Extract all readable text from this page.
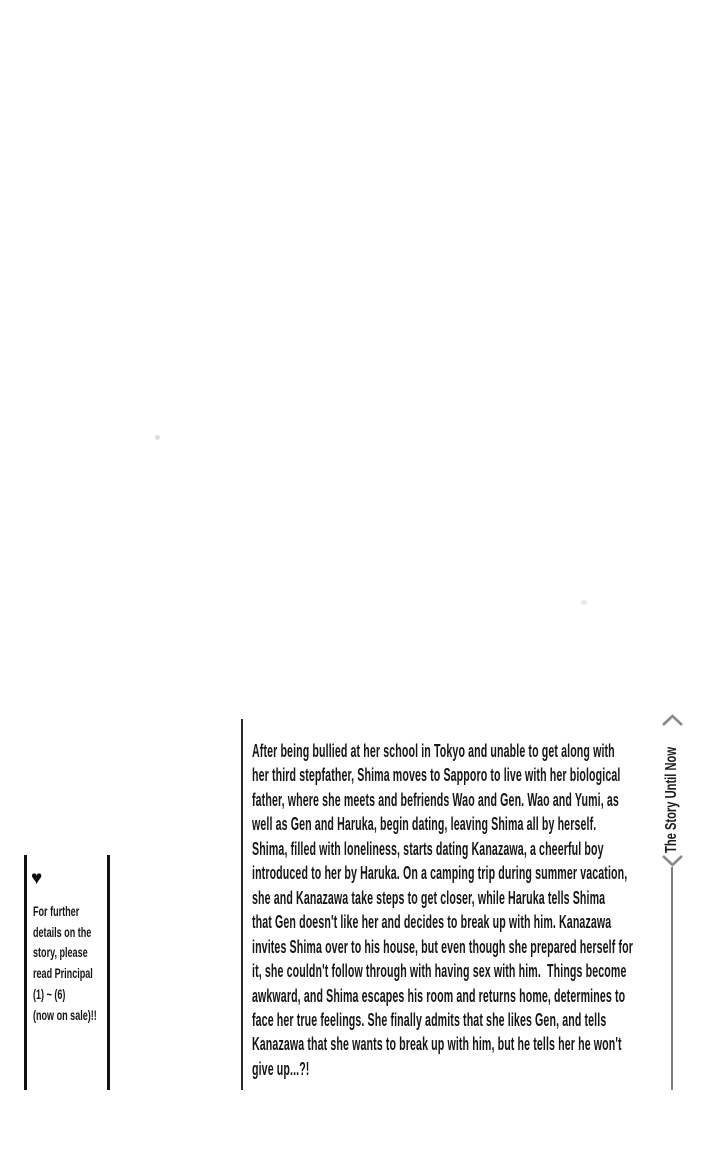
The Story Until Now
After being bullied at her school in Tokyo and unable to get along with
her third stepfather, Shima moves to Sapporo to live with her biological
father, where she meets and befriends Wao and Gen. Wao and Yumi, as
well as Gen and Haruka, begin dating, leaving Shima all by herself.
Shima, filled with loneliness, starts dating Kanazawa, a cheerful boy
introduced to her by Haruka. On a camping trip during summer vacation,
she and Kanazawa take steps to get closer, while Haruka tells Shima
that Gen doesn't like her and decides to break up with him. Kanazawa
invites Shima over to his house, but even though she prepared herself for
it, she couldn't follow through with having sex with him.  Things become
awkward, and Shima escapes his room and returns home, determines to
face her true feelings. She finally admits that she likes Gen, and tells
Kanazawa that she wants to break up with him, but he tells her he won't
give up...?!
♥
For further
details on the
story, please
read Principal
(1) ~ (6)
(now on sale)!!
